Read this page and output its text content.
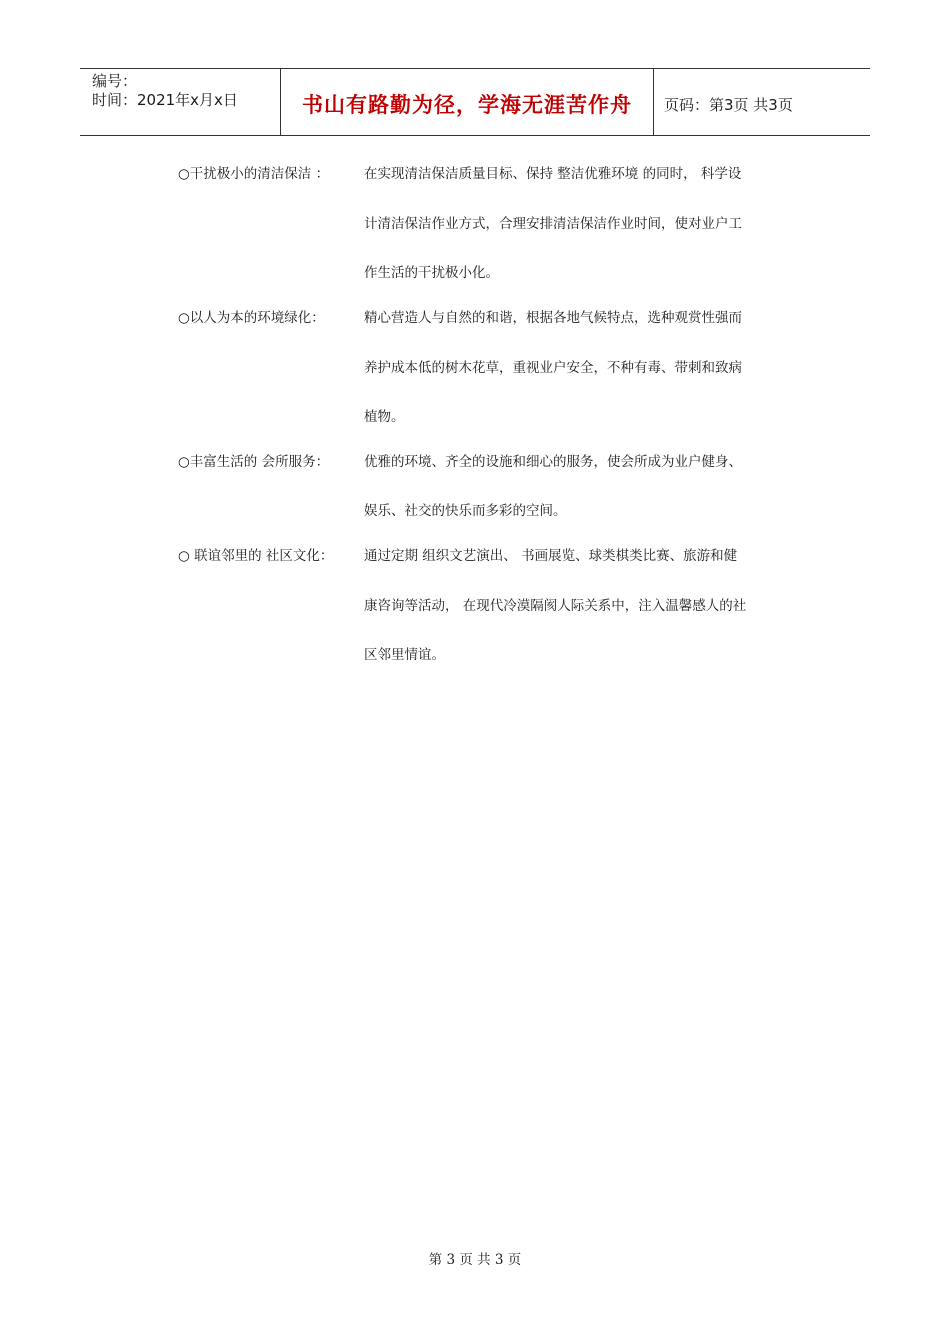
编号：
时间：2021年x月x日	书山有路勤为径，学海无涯苦作舟 页码：第3页 共3页
○干扰极小的清洁保洁 ：	在实现清洁保洁质量目标、保持 整洁优雅环境 的同时， 科学设
计清洁保洁作业方式，合理安排清洁保洁作业时间，使对业户工
作生活的干扰极小化。
○以人为本的环境绿化：	精心营造人与自然的和谐，根据各地气候特点，选种观赏性强而
养护成本低的树木花草，重视业户安全，不种有毒、带刺和致病
植物。
○丰富生活的 会所服务：	优雅的环境、齐全的设施和细心的服务，使会所成为业户健身、
娱乐、社交的快乐而多彩的空间。
○ 联谊邻里的 社区文化： 通过定期 组织文艺演出、 书画展览、球类棋类比赛、旅游和健
康咨询等活动， 在现代冷漠隔阂人际关系中，注入温馨感人的社
区邻里情谊。
第 3 页 共 3 页
